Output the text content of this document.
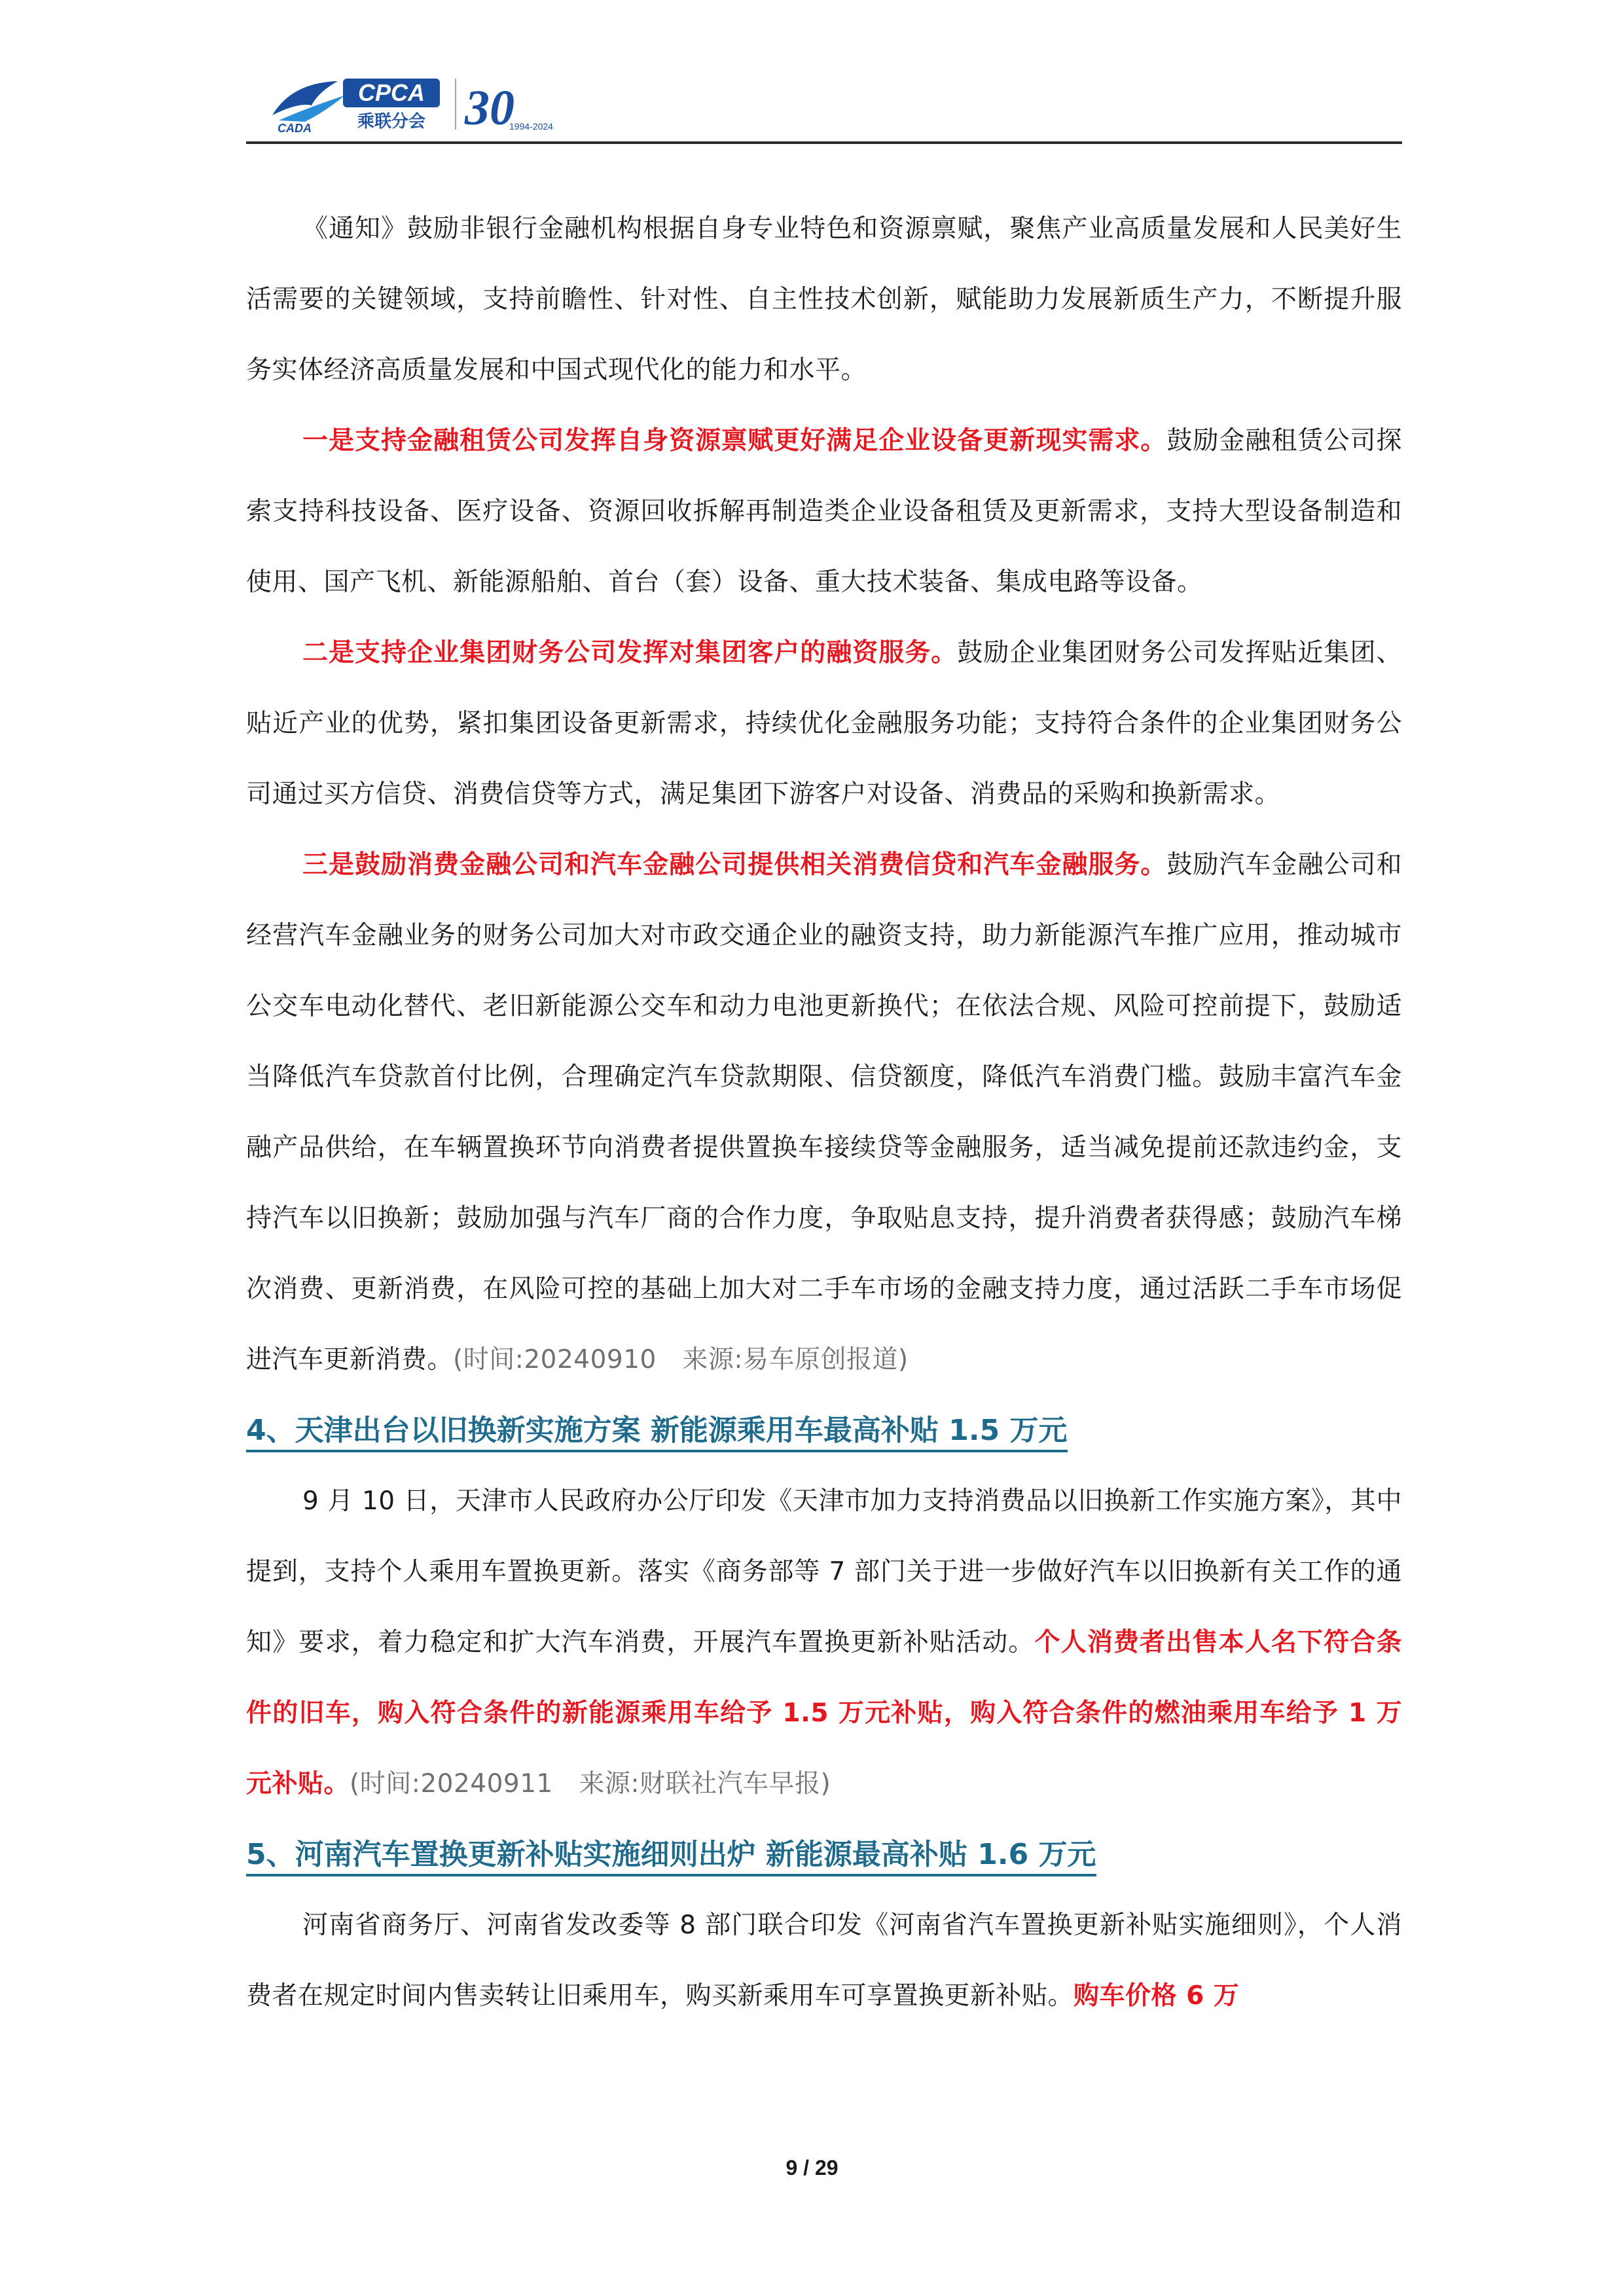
CADA
CPCA
乘联分会 30
1994-2024

《通知》鼓励非银行金融机构根据自身专业特色和资源禀赋，聚焦产业高质量发展和人民美好生活需要的关键领域，支持前瞻性、针对性、自主性技术创新，赋能助力发展新质生产力，不断提升服务实体经济高质量发展和中国式现代化的能力和水平。

一是支持金融租赁公司发挥自身资源禀赋更好满足企业设备更新现实需求。鼓励金融租赁公司探索支持科技设备、医疗设备、资源回收拆解再制造类企业设备租赁及更新需求，支持大型设备制造和使用、国产飞机、新能源船舶、首台（套）设备、重大技术装备、集成电路等设备。

二是支持企业集团财务公司发挥对集团客户的融资服务。鼓励企业集团财务公司发挥贴近集团、贴近产业的优势，紧扣集团设备更新需求，持续优化金融服务功能；支持符合条件的企业集团财务公司通过买方信贷、消费信贷等方式，满足集团下游客户对设备、消费品的采购和换新需求。

三是鼓励消费金融公司和汽车金融公司提供相关消费信贷和汽车金融服务。鼓励汽车金融公司和经营汽车金融业务的财务公司加大对市政交通企业的融资支持，助力新能源汽车推广应用，推动城市公交车电动化替代、老旧新能源公交车和动力电池更新换代；在依法合规、风险可控前提下，鼓励适当降低汽车贷款首付比例，合理确定汽车贷款期限、信贷额度，降低汽车消费门槛。鼓励丰富汽车金融产品供给，在车辆置换环节向消费者提供置换车接续贷等金融服务，适当减免提前还款违约金，支持汽车以旧换新；鼓励加强与汽车厂商的合作力度，争取贴息支持，提升消费者获得感；鼓励汽车梯次消费、更新消费，在风险可控的基础上加大对二手车市场的金融支持力度，通过活跃二手车市场促进汽车更新消费。(时间:20240910　来源:易车原创报道)

4、天津出台以旧换新实施方案 新能源乘用车最高补贴 1.5 万元

9 月 10 日，天津市人民政府办公厅印发《天津市加力支持消费品以旧换新工作实施方案》，其中提到，支持个人乘用车置换更新。落实《商务部等 7 部门关于进一步做好汽车以旧换新有关工作的通知》要求，着力稳定和扩大汽车消费，开展汽车置换更新补贴活动。个人消费者出售本人名下符合条件的旧车，购入符合条件的新能源乘用车给予 1.5 万元补贴，购入符合条件的燃油乘用车给予 1 万元补贴。(时间:20240911　来源:财联社汽车早报)

5、河南汽车置换更新补贴实施细则出炉 新能源最高补贴 1.6 万元

河南省商务厅、河南省发改委等 8 部门联合印发《河南省汽车置换更新补贴实施细则》，个人消费者在规定时间内售卖转让旧乘用车，购买新乘用车可享置换更新补贴。购车价格 6 万

9 / 29
